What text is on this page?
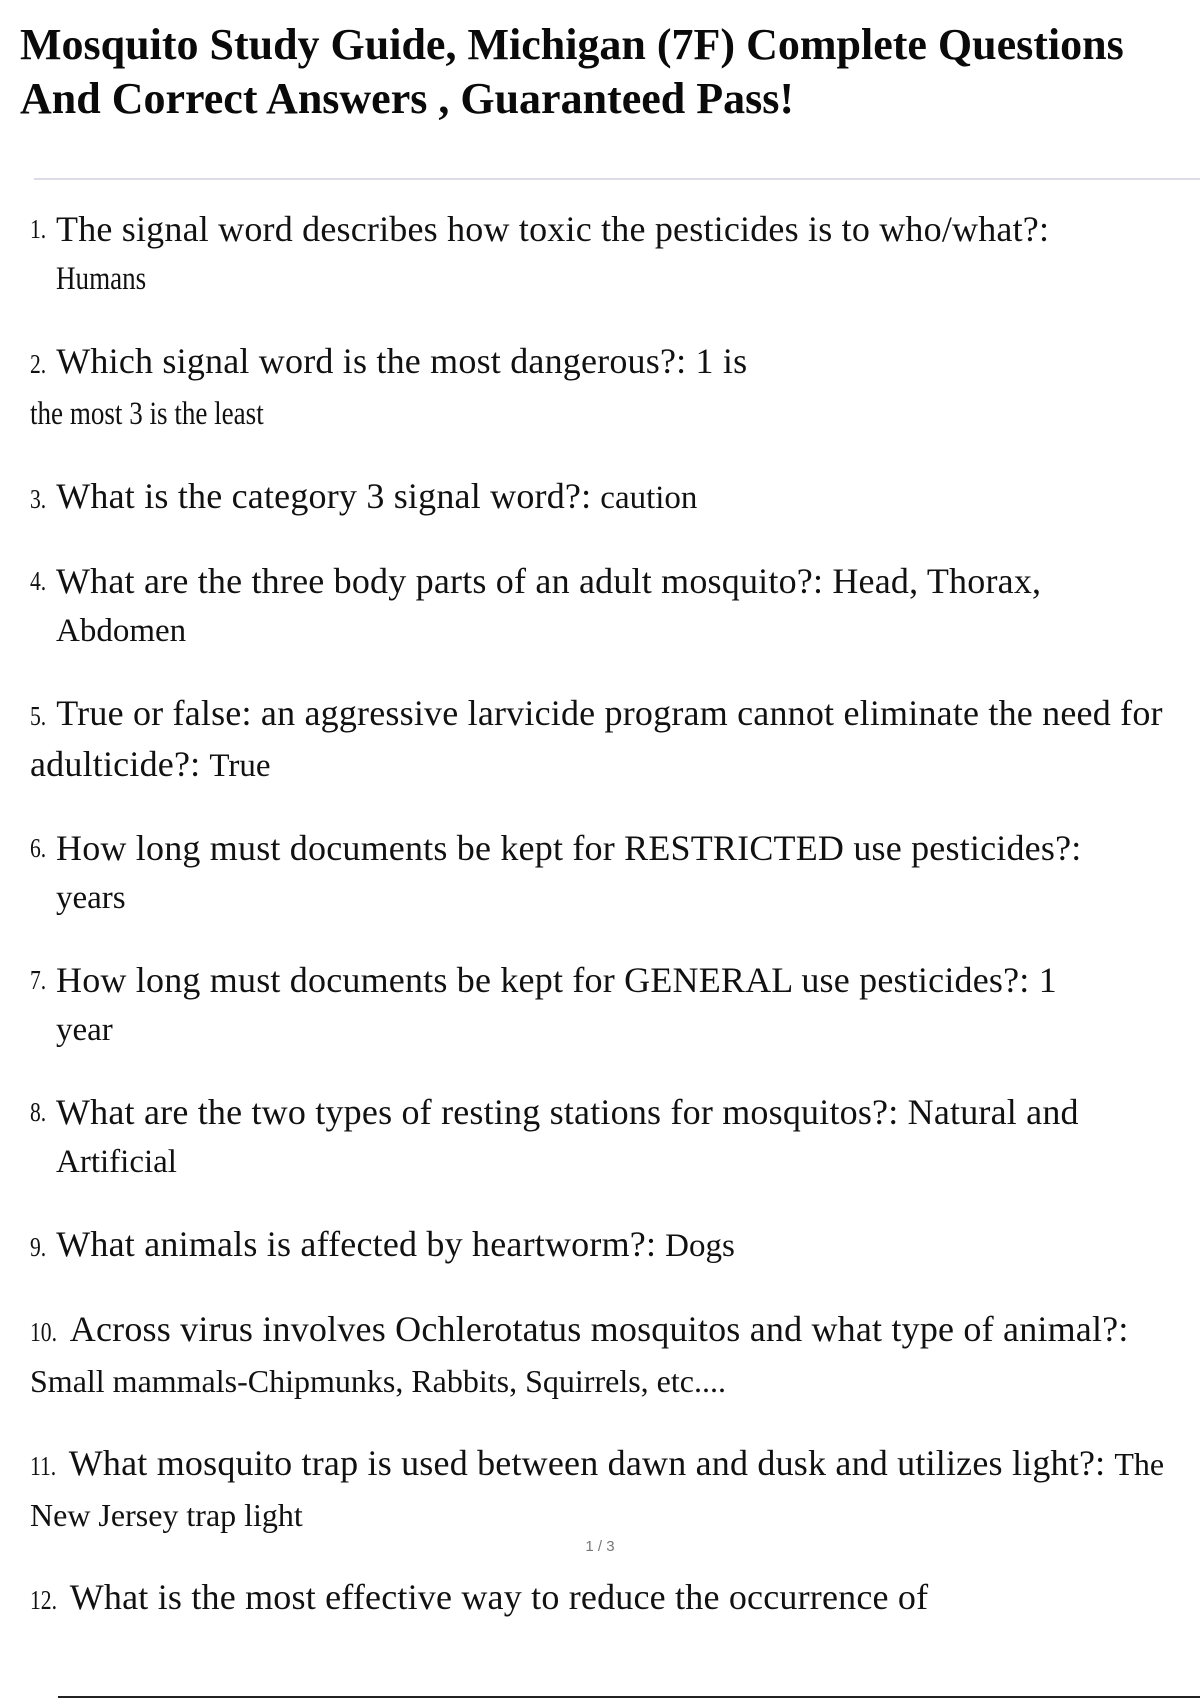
Mosquito Study Guide, Michigan (7F) Complete Questions And Correct Answers , Guaranteed Pass!
1. The signal word describes how toxic the pesticides is to who/what?:
Humans
2. Which signal word is the most dangerous?: 1 is
the most 3 is the least
3. What is the category 3 signal word?: caution
4. What are the three body parts of an adult mosquito?: Head, Thorax,
Abdomen
5. True or false: an aggressive larvicide program cannot eliminate the need for adulticide?: True
6. How long must documents be kept for RESTRICTED use pesticides?:
years
7. How long must documents be kept for GENERAL use pesticides?: 1
year
8. What are the two types of resting stations for mosquitos?: Natural and
Artificial
9. What animals is affected by heartworm?: Dogs
10. Across virus involves Ochlerotatus mosquitos and what type of animal?: Small mammals-Chipmunks, Rabbits, Squirrels, etc....
11. What mosquito trap is used between dawn and dusk and utilizes light?: The New Jersey trap light
12. What is the most effective way to reduce the occurrence of
1 / 3
